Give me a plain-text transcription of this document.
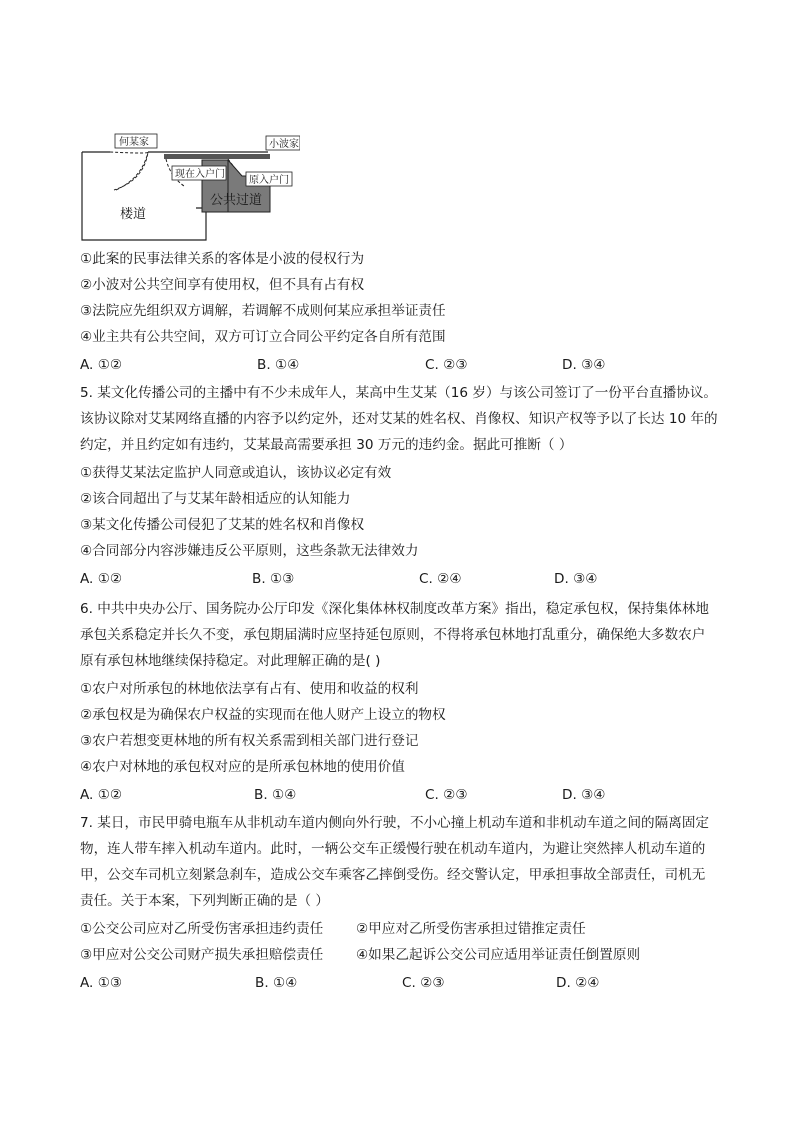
何某家	小波家
现在入户门
原入户门
公共过道
楼道
①此案的民事法律关系的客体是小波的侵权行为
②小波对公共空间享有使用权，但不具有占有权
③法院应先组织双方调解，若调解不成则何某应承担举证责任
④业主共有公共空间，双方可订立合同公平约定各自所有范围
A. ①②	B. ①④	C. ②③	D. ③④
5. 某文化传播公司的主播中有不少未成年人，某高中生艾某（16 岁）与该公司签订了一份平台直播协议。
该协议除对艾某网络直播的内容予以约定外，还对艾某的姓名权、肖像权、知识产权等予以了长达 10 年的
约定，并且约定如有违约，艾某最高需要承担 30 万元的违约金。据此可推断（ ）
①获得艾某法定监护人同意或追认，该协议必定有效
②该合同超出了与艾某年龄相适应的认知能力
③某文化传播公司侵犯了艾某的姓名权和肖像权
④合同部分内容涉嫌违反公平原则，这些条款无法律效力
A. ①②	B. ①③	C. ②④	D. ③④
6. 中共中央办公厅、国务院办公厅印发《深化集体林权制度改革方案》指出，稳定承包权，保持集体林地
承包关系稳定并长久不变，承包期届满时应坚持延包原则，不得将承包林地打乱重分，确保绝大多数农户
原有承包林地继续保持稳定。对此理解正确的是( )
①农户对所承包的林地依法享有占有、使用和收益的权利
②承包权是为确保农户权益的实现而在他人财产上设立的物权
③农户若想变更林地的所有权关系需到相关部门进行登记
④农户对林地的承包权对应的是所承包林地的使用价值
A. ①②	B. ①④	C. ②③	D. ③④
7. 某日，市民甲骑电瓶车从非机动车道内侧向外行驶，不小心撞上机动车道和非机动车道之间的隔离固定
物，连人带车摔入机动车道内。此时，一辆公交车正缓慢行驶在机动车道内，为避让突然摔人机动车道的
甲，公交车司机立刻紧急刹车，造成公交车乘客乙摔倒受伤。经交警认定，甲承担事故全部责任，司机无
责任。关于本案，下列判断正确的是（ ）
①公交公司应对乙所受伤害承担违约责任 ②甲应对乙所受伤害承担过错推定责任
③甲应对公交公司财产损失承担赔偿责任 ④如果乙起诉公交公司应适用举证责任倒置原则
A. ①③	B. ①④	C. ②③	D. ②④
